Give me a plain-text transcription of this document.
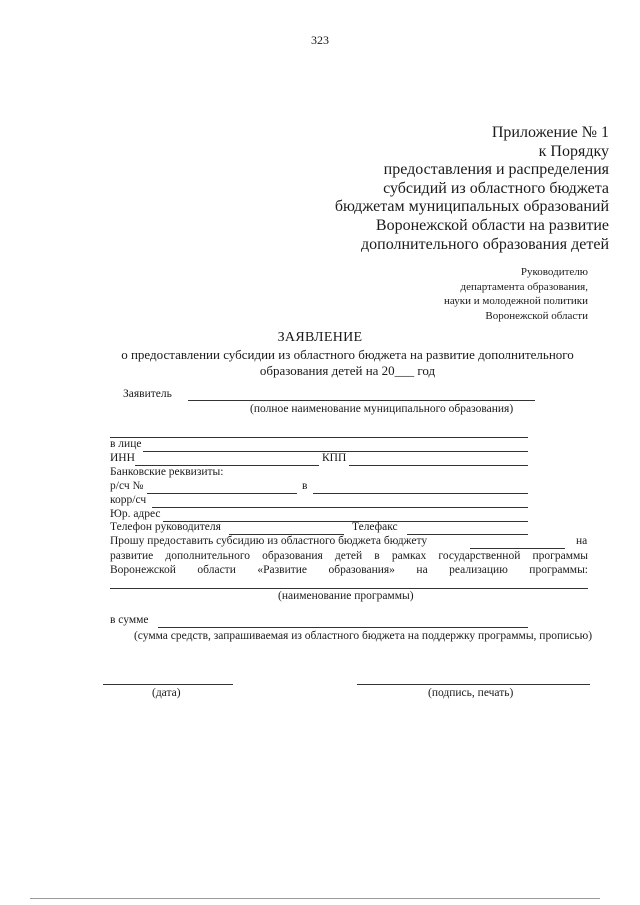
323
Приложение № 1
к Порядку
предоставления и распределения
субсидий из областного бюджета
бюджетам муниципальных образований
Воронежской области на развитие
дополнительного образования детей
Руководителю
департамента образования,
науки и молодежной политики
Воронежской области
ЗАЯВЛЕНИЕ
о предоставлении субсидии из областного бюджета на развитие дополнительного образования детей на 20___ год
Заявитель
(полное наименование муниципального образования)
в лице
ИНН	КПП
Банковские реквизиты:
р/сч №	в
корр/сч
Юр. адрес
Телефон руководителя	Телефакс
Прошу предоставить субсидию из областного бюджета бюджету	на
развитие дополнительного образования детей в рамках государственной программы
Воронежской области «Развитие образования» на реализацию программы:
(наименование программы)
в сумме
(сумма средств, запрашиваемая из областного бюджета на поддержку программы, прописью)
(дата)	(подпись, печать)
